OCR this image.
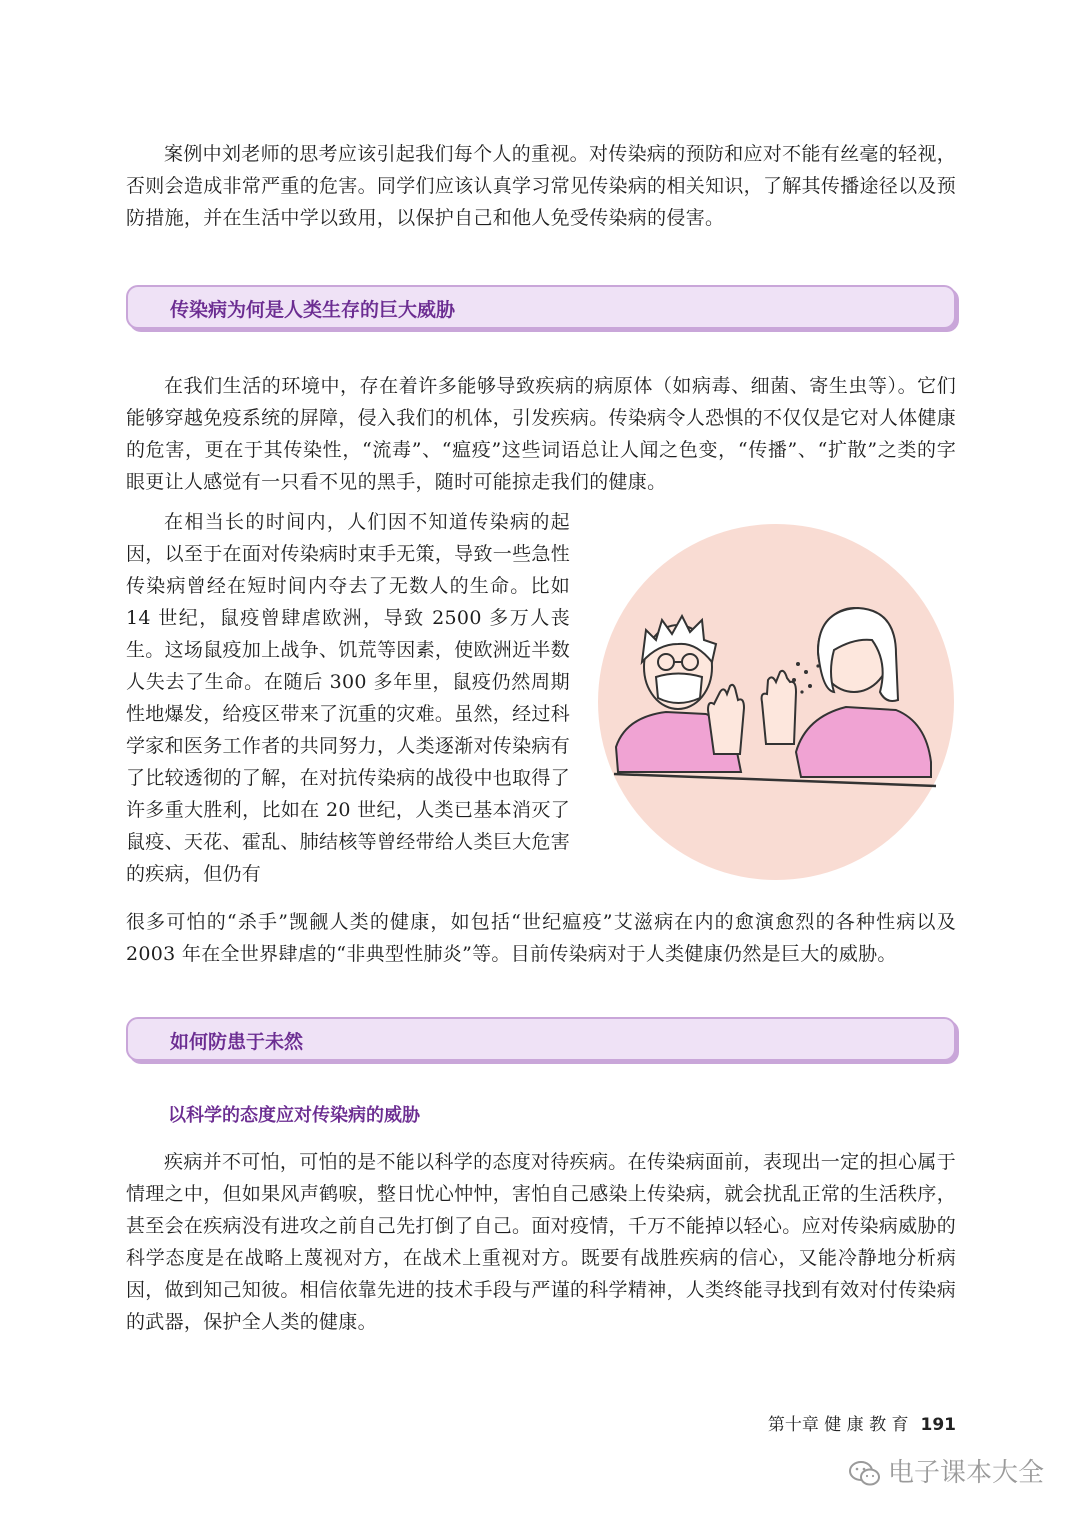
案例中刘老师的思考应该引起我们每个人的重视。对传染病的预防和应对不能有丝毫的轻视，否则会造成非常严重的危害。同学们应该认真学习常见传染病的相关知识，了解其传播途径以及预防措施，并在生活中学以致用，以保护自己和他人免受传染病的侵害。

传染病为何是人类生存的巨大威胁

在我们生活的环境中，存在着许多能够导致疾病的病原体（如病毒、细菌、寄生虫等）。它们能够穿越免疫系统的屏障，侵入我们的机体，引发疾病。传染病令人恐惧的不仅仅是它对人体健康的危害，更在于其传染性，“流毒”、“瘟疫”这些词语总让人闻之色变，“传播”、“扩散”之类的字眼更让人感觉有一只看不见的黑手，随时可能掠走我们的健康。

在相当长的时间内，人们因不知道传染病的起因，以至于在面对传染病时束手无策，导致一些急性传染病曾经在短时间内夺去了无数人的生命。比如 14 世纪，鼠疫曾肆虐欧洲，导致 2500 多万人丧生。这场鼠疫加上战争、饥荒等因素，使欧洲近半数人失去了生命。在随后 300 多年里，鼠疫仍然周期性地爆发，给疫区带来了沉重的灾难。虽然，经过科学家和医务工作者的共同努力，人类逐渐对传染病有了比较透彻的了解，在对抗传染病的战役中也取得了许多重大胜利，比如在 20 世纪，人类已基本消灭了鼠疫、天花、霍乱、肺结核等曾经带给人类巨大危害的疾病，但仍有

很多可怕的“杀手”觊觎人类的健康，如包括“世纪瘟疫”艾滋病在内的愈演愈烈的各种性病以及 2003 年在全世界肆虐的“非典型性肺炎”等。目前传染病对于人类健康仍然是巨大的威胁。

如何防患于未然
以科学的态度应对传染病的威胁

疾病并不可怕，可怕的是不能以科学的态度对待疾病。在传染病面前，表现出一定的担心属于情理之中，但如果风声鹤唳，整日忧心忡忡，害怕自己感染上传染病，就会扰乱正常的生活秩序，甚至会在疾病没有进攻之前自己先打倒了自己。面对疫情，千万不能掉以轻心。应对传染病威胁的科学态度是在战略上蔑视对方，在战术上重视对方。既要有战胜疾病的信心，又能冷静地分析病因，做到知己知彼。相信依靠先进的技术手段与严谨的科学精神，人类终能寻找到有效对付传染病的武器，保护全人类的健康。

第十章 健 康 教 育 191
电子课本大全
